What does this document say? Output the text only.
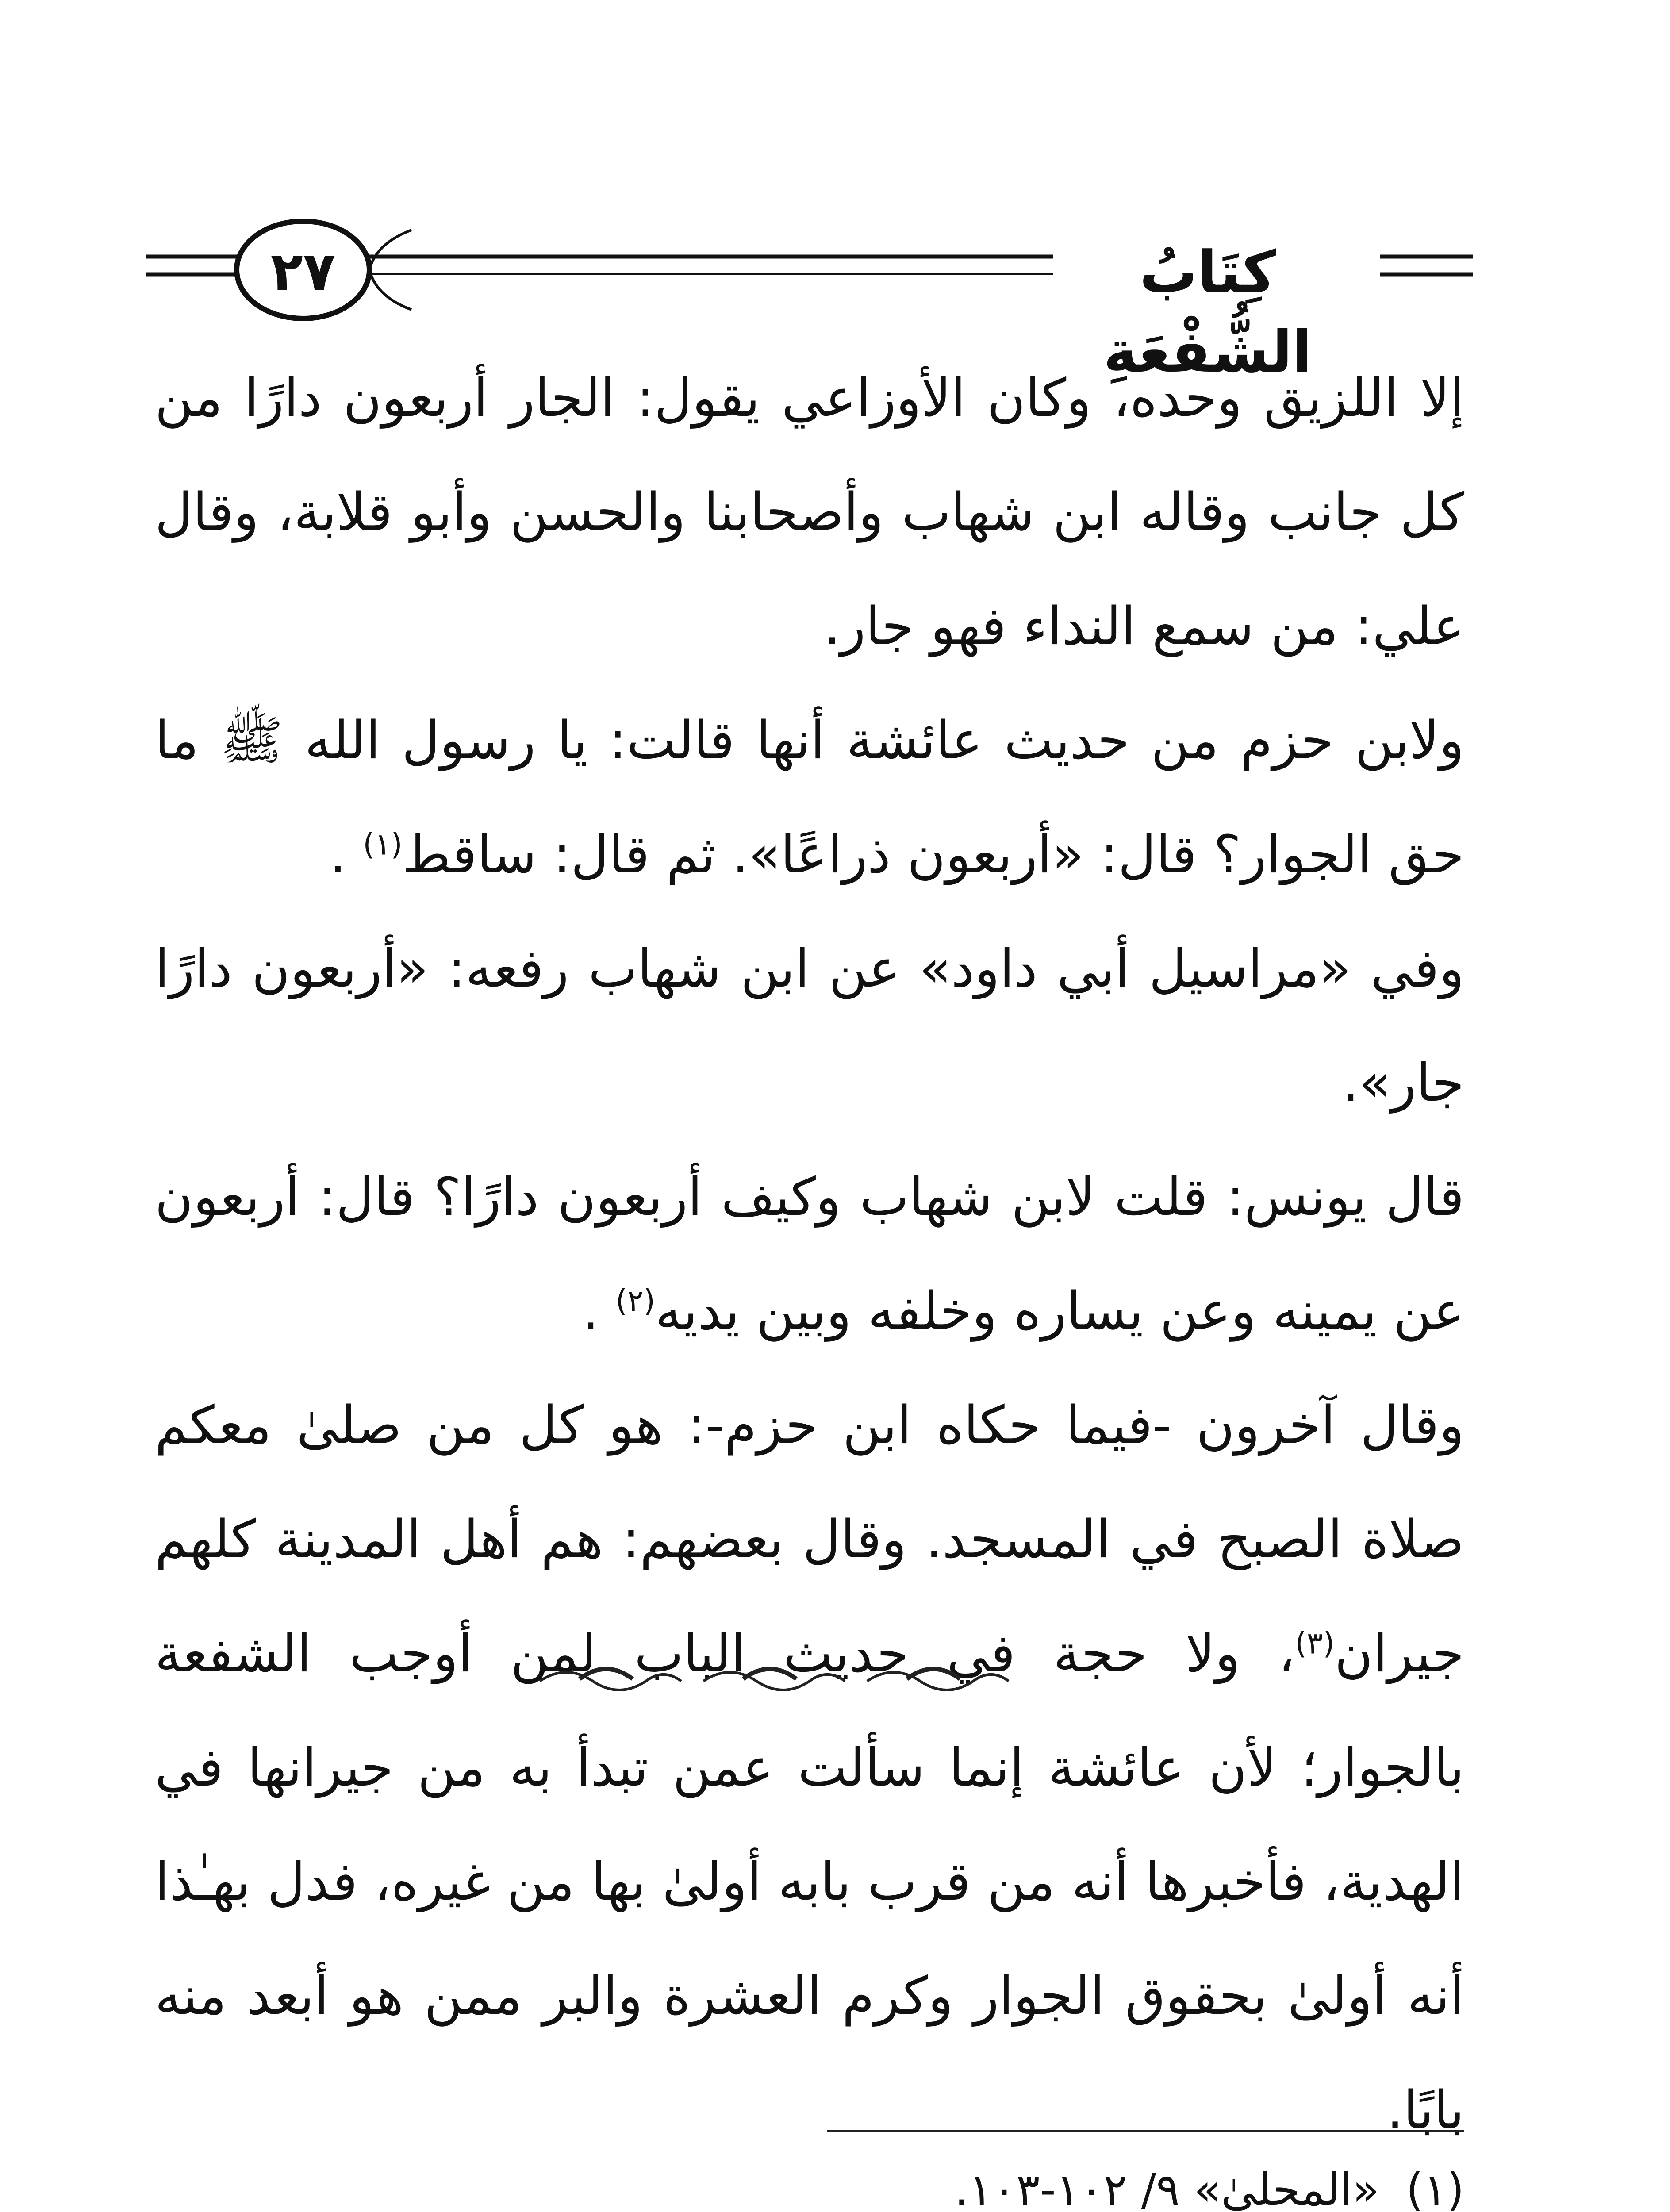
٢٧	كِتَابُ الشُّفْعَةِ

إلا اللزيق وحده، وكان الأوزاعي يقول: الجار أربعون دارًا من كل جانب وقاله ابن شهاب وأصحابنا والحسن وأبو قلابة، وقال علي: من سمع النداء فهو جار.

ولابن حزم من حديث عائشة أنها قالت: يا رسول الله ﷺ ما حق الجوار؟ قال: «أربعون ذراعًا». ثم قال: ساقط$^{(١)}$ .

وفي «مراسيل أبي داود» عن ابن شهاب رفعه: «أربعون دارًا جار».
قال يونس: قلت لابن شهاب وكيف أربعون دارًا؟ قال: أربعون عن يمينه وعن يساره وخلفه وبين يديه$^{(٢)}$ .

وقال آخرون -فيما حكاه ابن حزم-: هو كل من صلىٰ معكم صلاة الصبح في المسجد. وقال بعضهم: هم أهل المدينة كلهم جيران$^{(٣)}$، ولا حجة في حديث الباب لمن أوجب الشفعة بالجوار؛ لأن عائشة إنما سألت عمن تبدأ به من جيرانها في الهدية، فأخبرها أنه من قرب بابه أولىٰ بها من غيره، فدل بهـٰذا أنه أولىٰ بحقوق الجوار وكرم العشرة والبر ممن هو أبعد منه بابًا.

(١)
«المحلىٰ» ٩/ ١٠٢-١٠٣.
